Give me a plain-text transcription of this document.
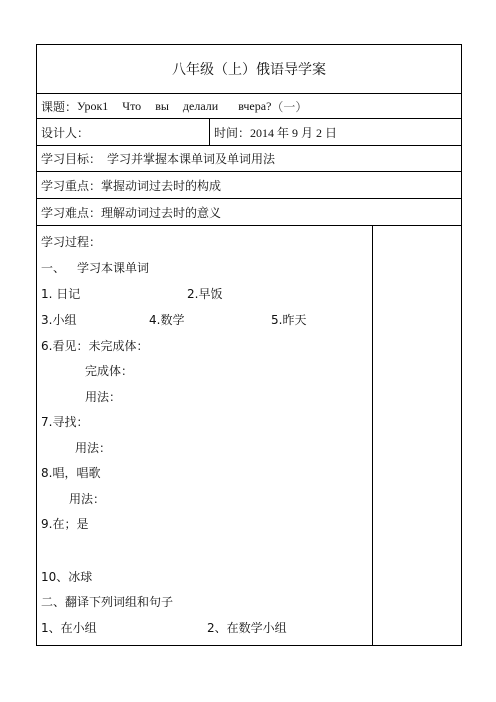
八年级（上）俄语导学案
课题： Урок1 Что вы делали вчера? （一）
设计人：	时间： 2014 年 9 月 2 日
学习目标： 学习并掌握本课单词及单词用法
学习重点：掌握动词过去时的构成
学习难点：理解动词过去时的意义
学习过程：
一、 学习本课单词
1. 日记	2.早饭
3.小组	4.数学	5.昨天
6.看见：未完成体：
完成体：
用法：
7.寻找：
用法：
8.唱，唱歌
用法：
9.在；是
10、冰球
二、翻译下列词组和句子
1、在小组	2、在数学小组
